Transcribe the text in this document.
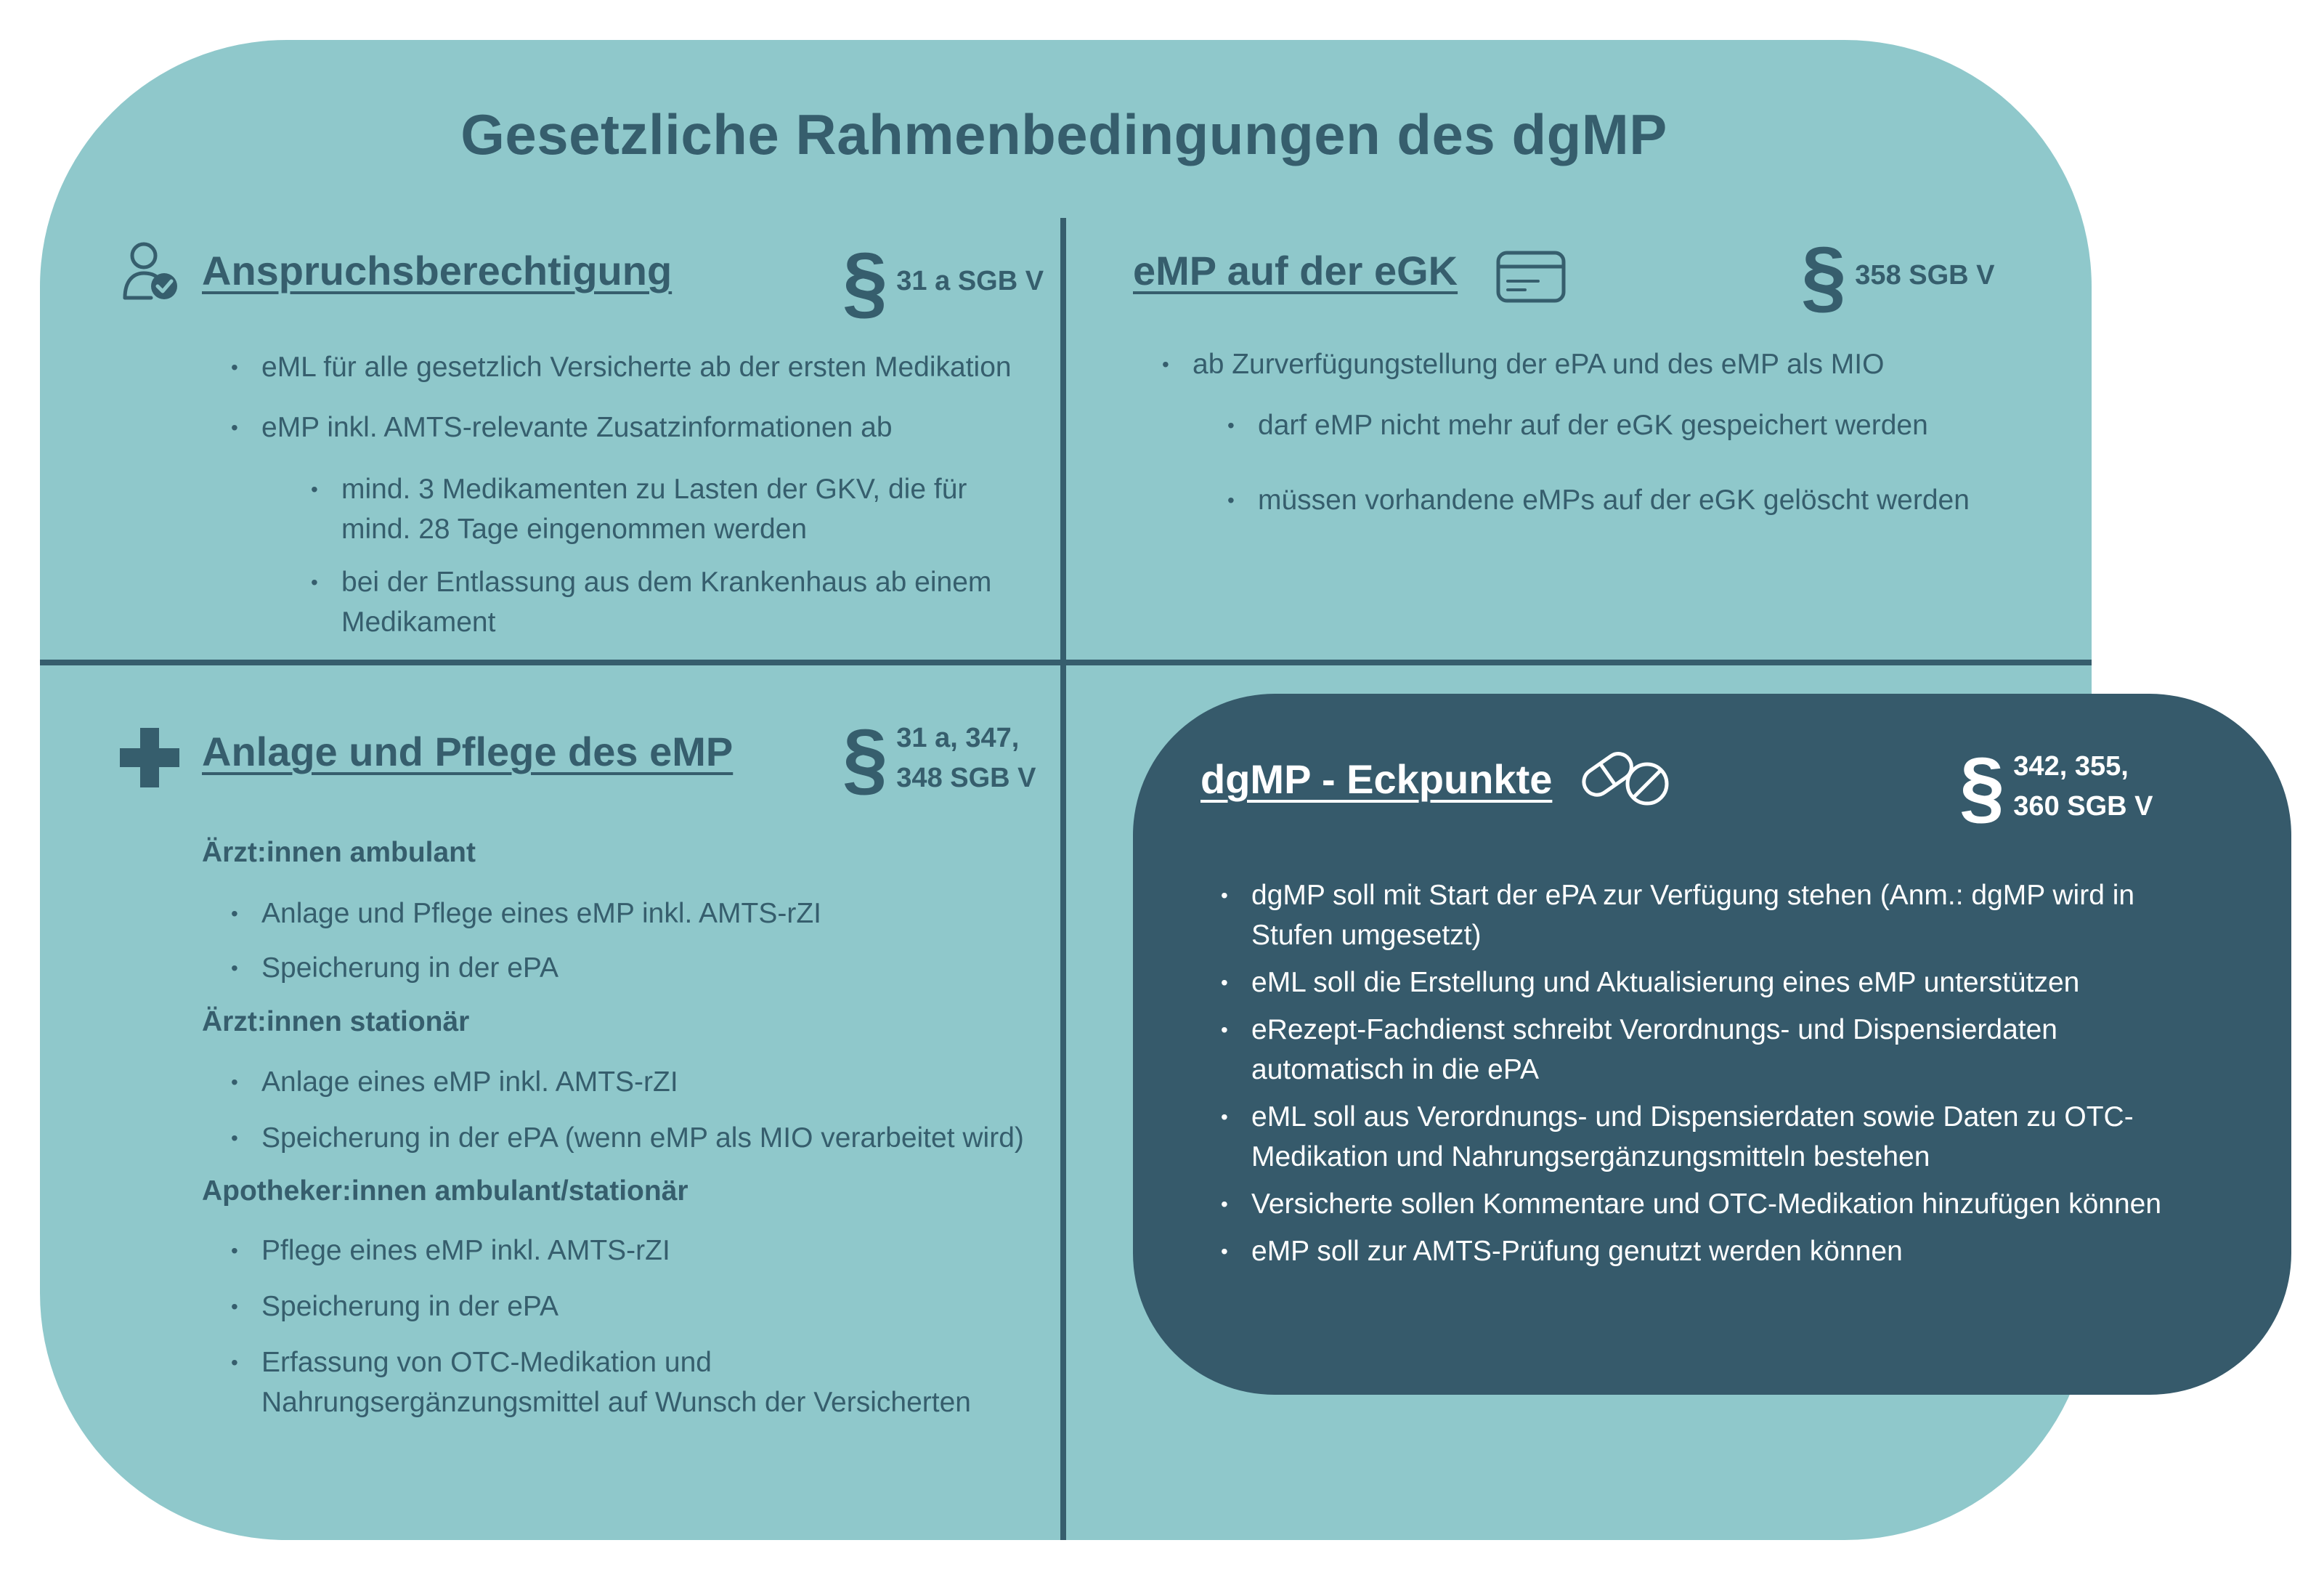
Gesetzliche Rahmenbedingungen des dgMP
Anspruchsberechtigung § 31 a SGB V
• eML für alle gesetzlich Versicherte ab der ersten Medikation
• eMP inkl. AMTS-relevante Zusatzinformationen ab
• mind. 3 Medikamenten zu Lasten der GKV, die für mind. 28 Tage eingenommen werden
• bei der Entlassung aus dem Krankenhaus ab einem Medikament
eMP auf der eGK	§ 358 SGB V
• ab Zurverfügungstellung der ePA und des eMP als MIO
• darf eMP nicht mehr auf der eGK gespeichert werden
• müssen vorhandene eMPs auf der eGK gelöscht werden
Anlage und Pflege des eMP § 31 a, 347,
348 SGB V
Ärzt:innen ambulant
• Anlage und Pflege eines eMP inkl. AMTS-rZI
• Speicherung in der ePA
Ärzt:innen stationär
• Anlage eines eMP inkl. AMTS-rZI
• Speicherung in der ePA (wenn eMP als MIO verarbeitet wird)
Apotheker:innen ambulant/stationär
• Pflege eines eMP inkl. AMTS-rZI
• Speicherung in der ePA
• Erfassung von OTC-Medikation und Nahrungsergänzungsmittel auf Wunsch der Versicherten
dgMP - Eckpunkte	§ 342, 355,
360 SGB V
• dgMP soll mit Start der ePA zur Verfügung stehen (Anm.: dgMP wird in Stufen umgesetzt)
• eML soll die Erstellung und Aktualisierung eines eMP unterstützen
• eRezept-Fachdienst schreibt Verordnungs- und Dispensierdaten automatisch in die ePA
• eML soll aus Verordnungs- und Dispensierdaten sowie Daten zu OTC-Medikation und Nahrungsergänzungsmitteln bestehen
• Versicherte sollen Kommentare und OTC-Medikation hinzufügen können
• eMP soll zur AMTS-Prüfung genutzt werden können
